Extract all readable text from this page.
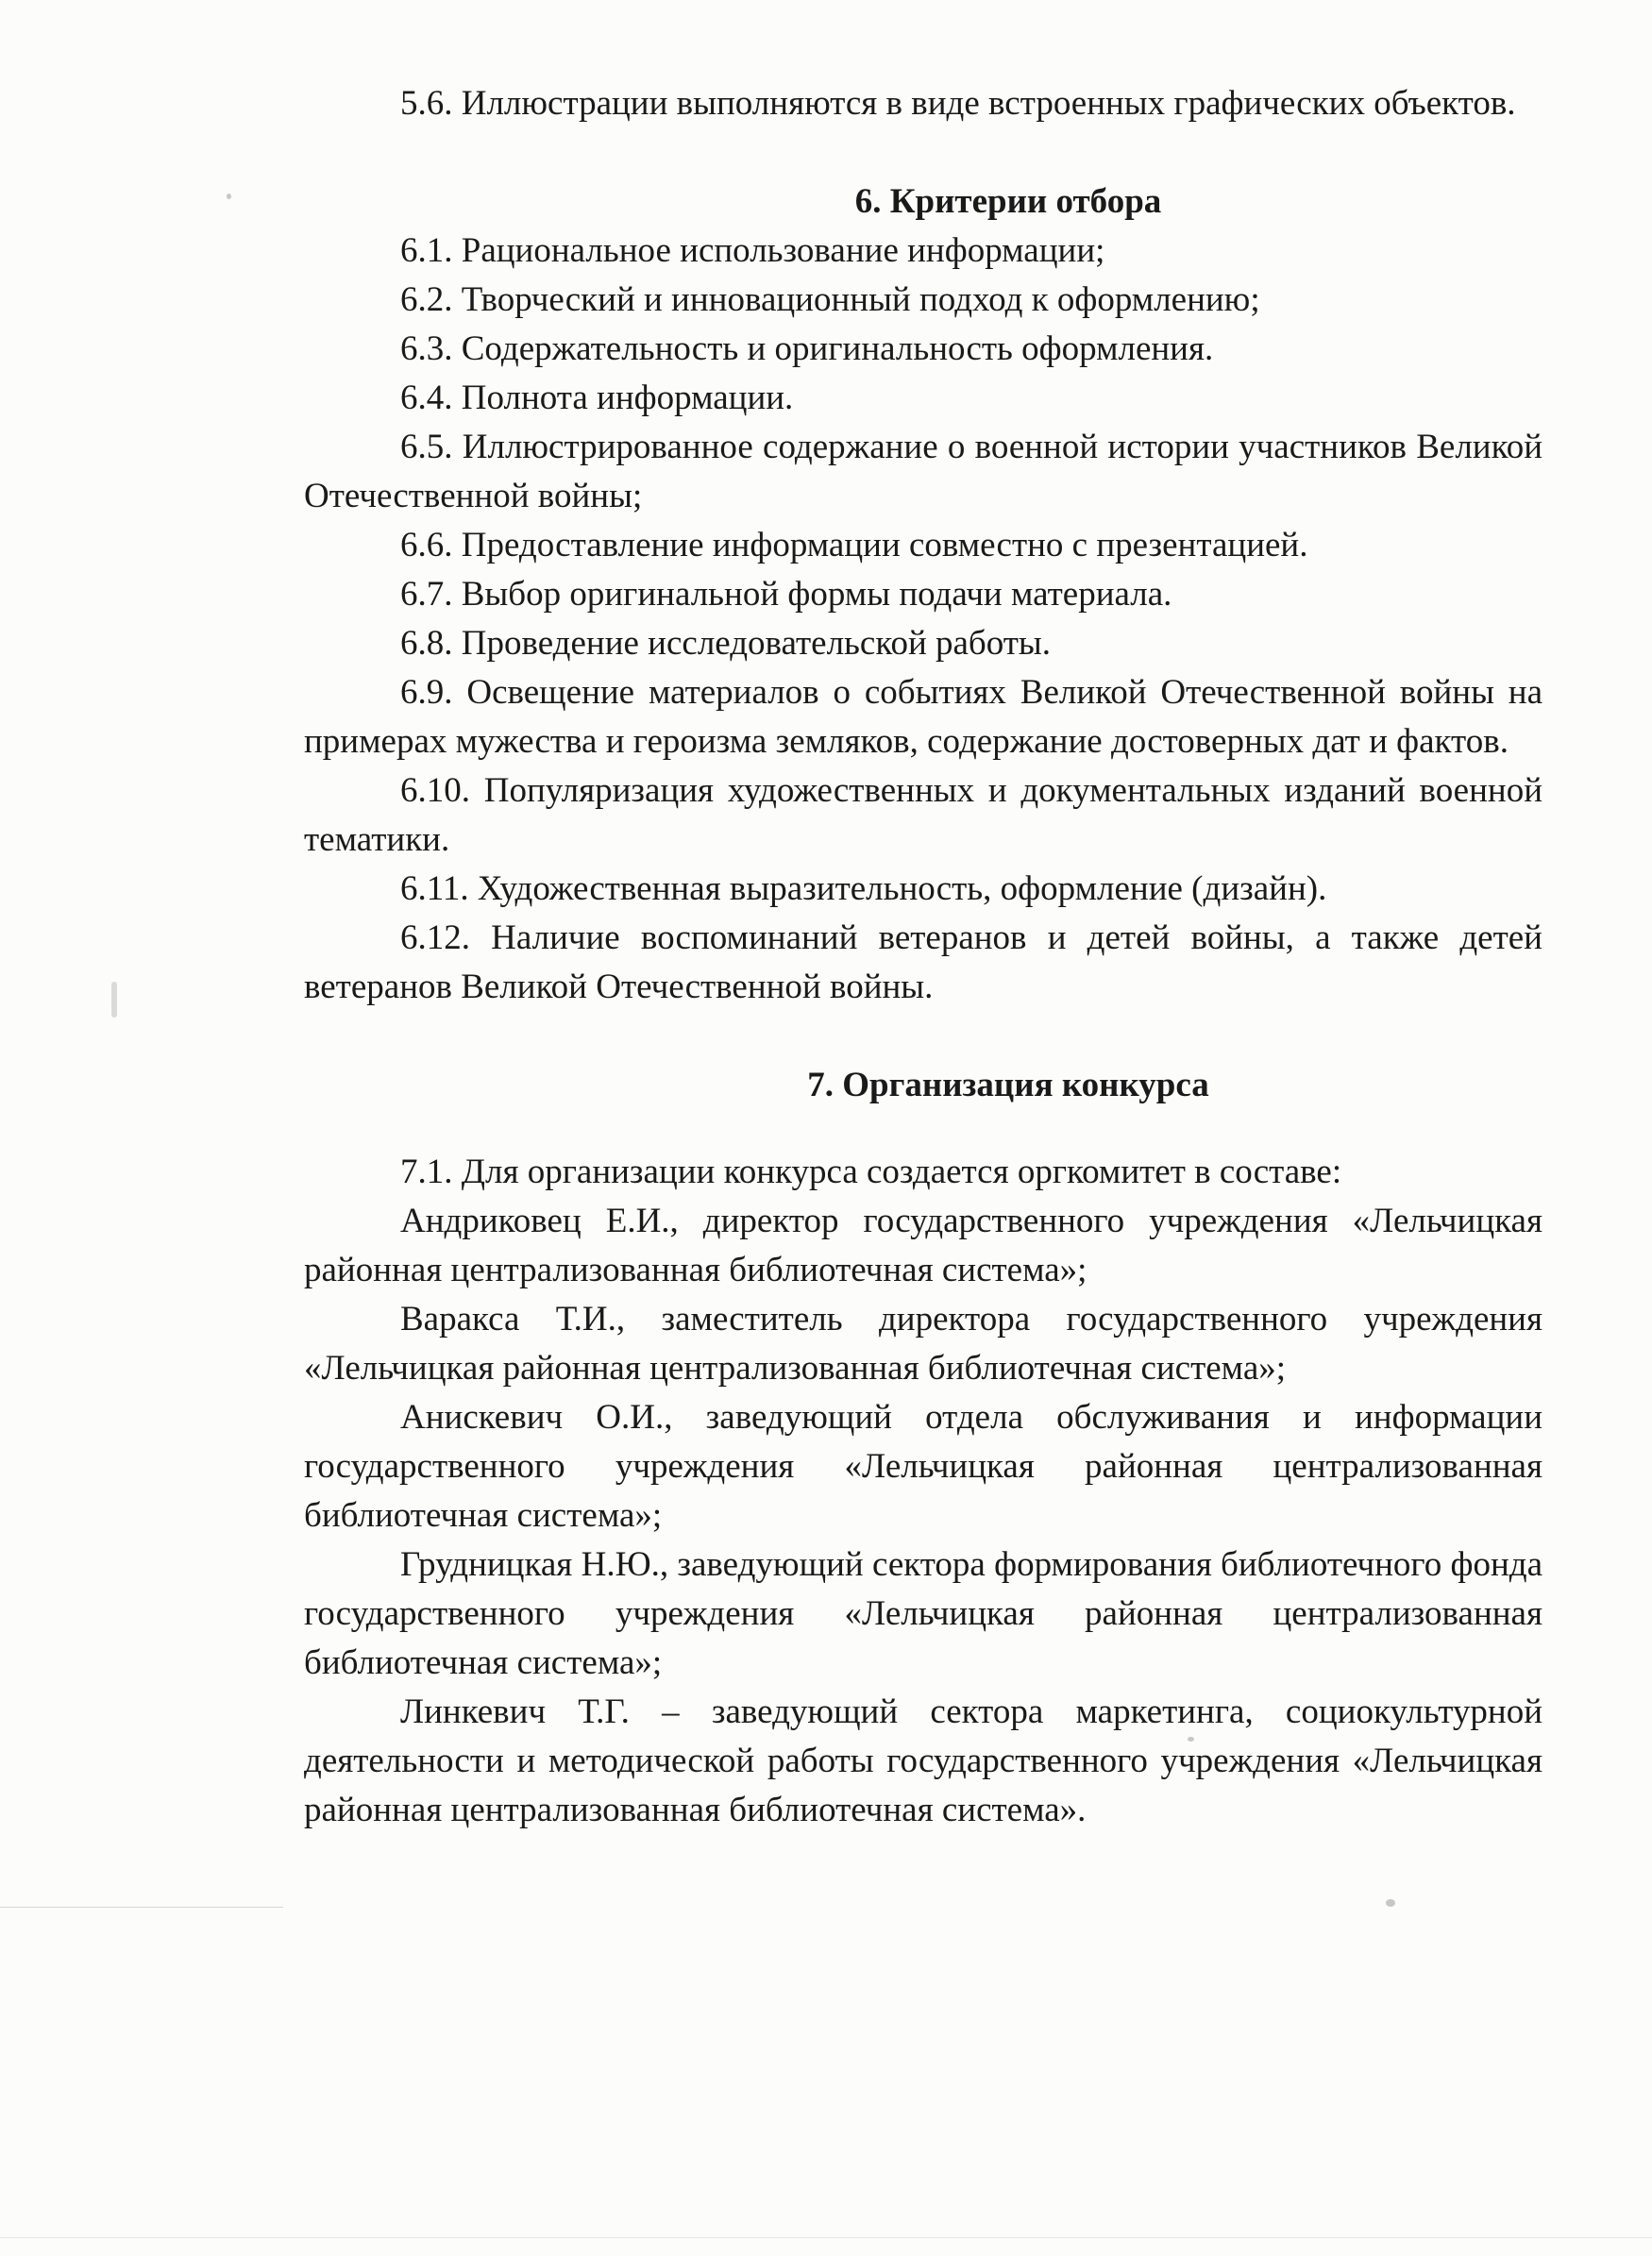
5.6. Иллюстрации выполняются в виде встроенных графических объектов.

6. Критерии отбора

6.1. Рациональное использование информации;

6.2. Творческий и инновационный подход к оформлению;

6.3. Содержательность и оригинальность оформления.

6.4. Полнота информации.

6.5. Иллюстрированное содержание о военной истории участников Великой Отечественной войны;

6.6. Предоставление информации совместно с презентацией.

6.7. Выбор оригинальной формы подачи материала.

6.8. Проведение исследовательской работы.

6.9. Освещение материалов о событиях Великой Отечественной войны на примерах мужества и героизма земляков, содержание достоверных дат и фактов.

6.10. Популяризация художественных и документальных изданий военной тематики.

6.11. Художественная выразительность, оформление (дизайн).

6.12. Наличие воспоминаний ветеранов и детей войны, а также детей ветеранов Великой Отечественной войны.

7. Организация конкурса

7.1. Для организации конкурса создается оргкомитет в составе:

Андриковец Е.И., директор государственного учреждения «Лельчицкая районная централизованная библиотечная система»;

Варакса Т.И., заместитель директора государственного учреждения «Лельчицкая районная централизованная библиотечная система»;

Анискевич О.И., заведующий отдела обслуживания и информации государственного учреждения «Лельчицкая районная централизованная библиотечная система»;

Грудницкая Н.Ю., заведующий сектора формирования библиотечного фонда государственного учреждения «Лельчицкая районная централизованная библиотечная система»;

Линкевич Т.Г. – заведующий сектора маркетинга, социокультурной деятельности и методической работы государственного учреждения «Лельчицкая районная централизованная библиотечная система».
